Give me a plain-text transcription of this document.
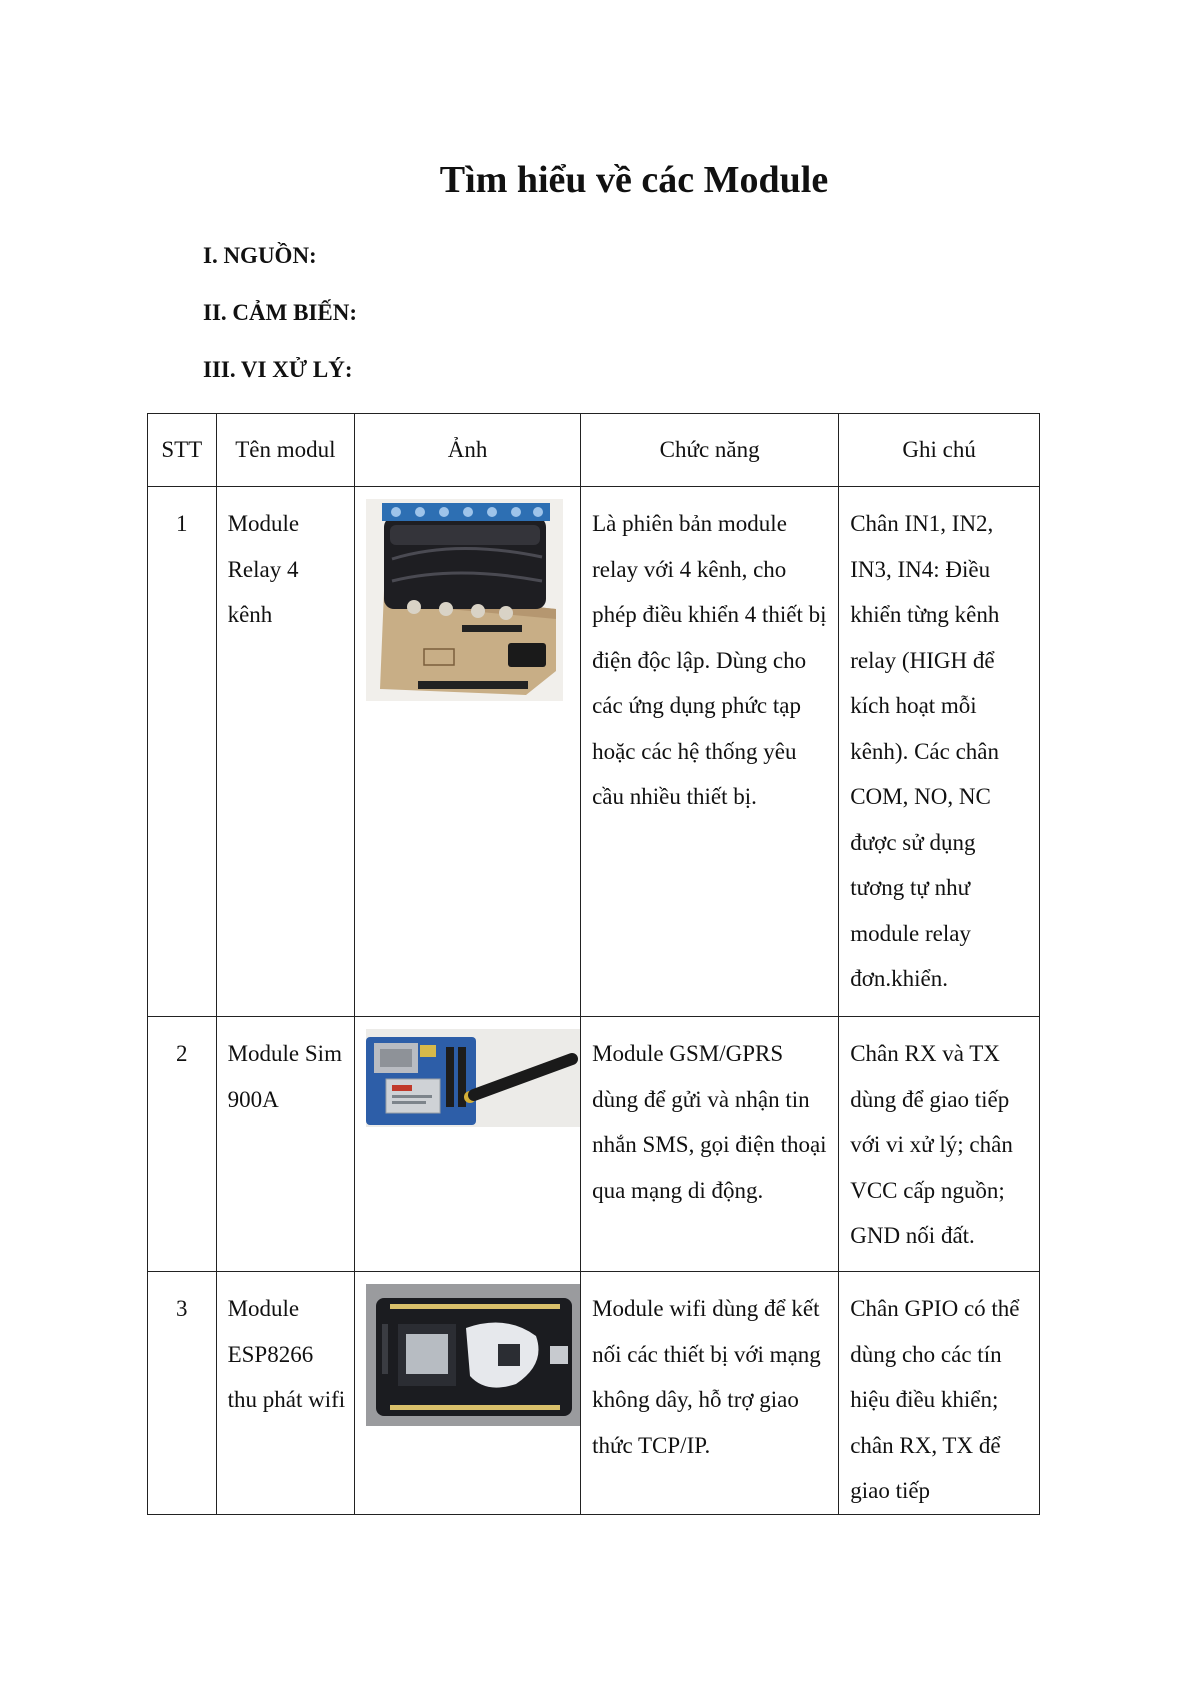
Tìm hiểu về các Module
I. NGUỒN:
II. CẢM BIẾN:
III. VI XỬ LÝ:
STT	Tên modul	Ảnh	Chức năng	Ghi chú

1	Module Relay 4 kênh		Là phiên bản module relay với 4 kênh, cho phép điều khiển 4 thiết bị điện độc lập. Dùng cho các ứng dụng phức tạp hoặc các hệ thống yêu cầu nhiều thiết bị.	Chân IN1, IN2, IN3, IN4: Điều khiển từng kênh relay (HIGH để kích hoạt mỗi kênh). Các chân COM, NO, NC được sử dụng tương tự như module relay đơn.khiển.

2	Module Sim 900A		Module GSM/GPRS dùng để gửi và nhận tin nhắn SMS, gọi điện thoại qua mạng di động.	Chân RX và TX dùng để giao tiếp với vi xử lý; chân VCC cấp nguồn; GND nối đất.

3	Module ESP8266 thu phát wifi		Module wifi dùng để kết nối các thiết bị với mạng không dây, hỗ trợ giao thức TCP/IP.	Chân GPIO có thể dùng cho các tín hiệu điều khiển; chân RX, TX để giao tiếp
